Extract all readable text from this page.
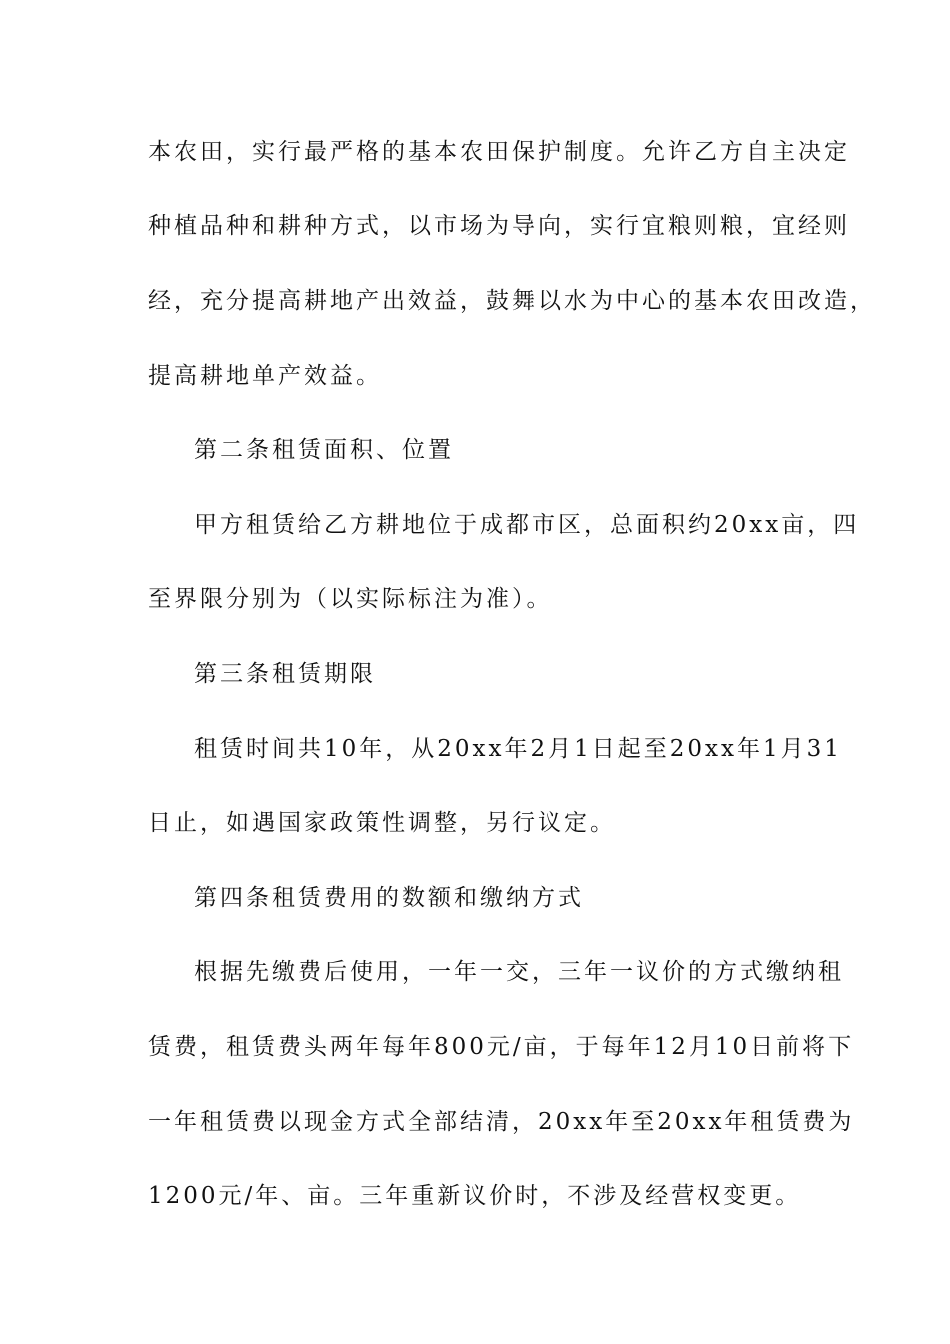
本农田，实行最严格的基本农田保护制度。允许乙方自主决定
种植品种和耕种方式，以市场为导向，实行宜粮则粮，宜经则
经，充分提高耕地产出效益，鼓舞以水为中心的基本农田改造，
提高耕地单产效益。
第二条租赁面积、位置
甲方租赁给乙方耕地位于成都市区，总面积约20xx亩，四
至界限分别为（以实际标注为准）。
第三条租赁期限
租赁时间共10年，从20xx年2月1日起至20xx年1月31
日止，如遇国家政策性调整，另行议定。
第四条租赁费用的数额和缴纳方式
根据先缴费后使用，一年一交，三年一议价的方式缴纳租
赁费，租赁费头两年每年800元/亩，于每年12月10日前将下
一年租赁费以现金方式全部结清，20xx年至20xx年租赁费为
1200元/年、亩。三年重新议价时，不涉及经营权变更。
